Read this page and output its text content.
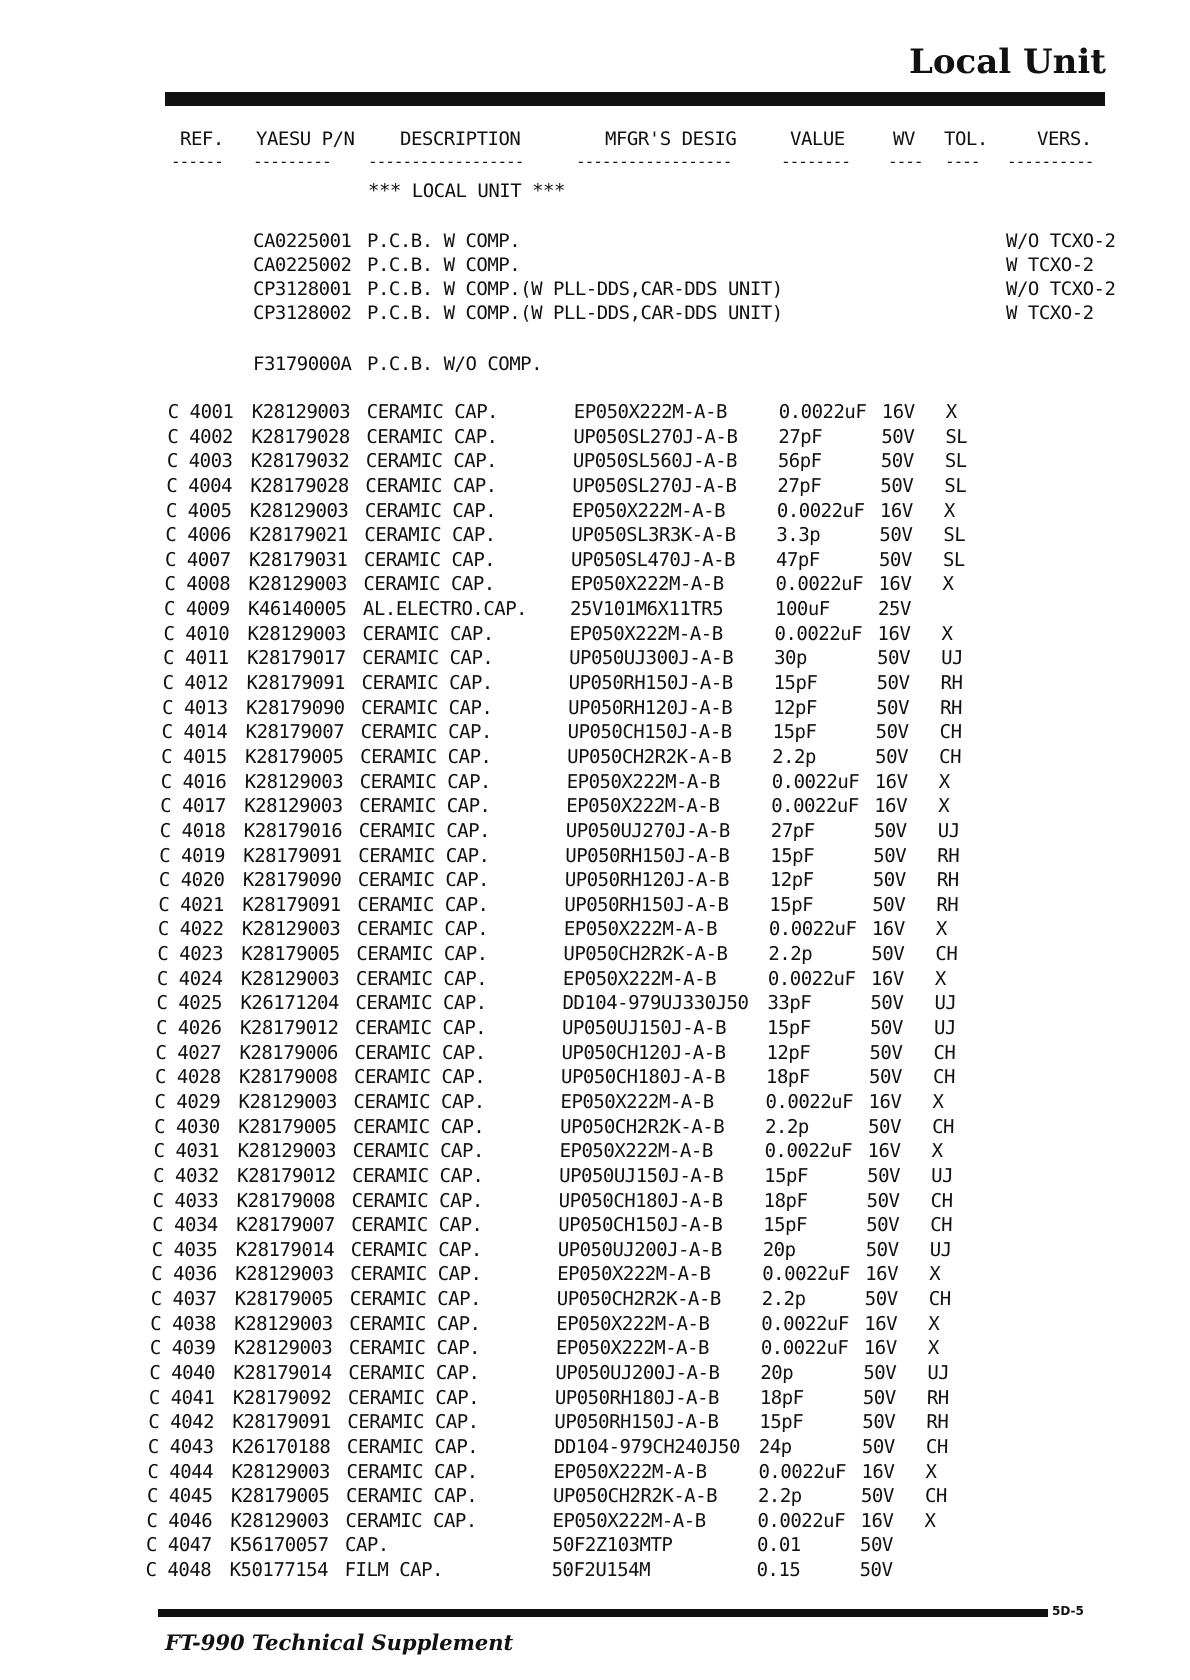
Local Unit
REF. YAESU P/N DESCRIPTION	MFGR'S DESIG	VALUE	WV TOL.	VERS.
------ --------- ------------------	------------------	-------- ---- ---- ----------
*** LOCAL UNIT ***
CA0225001 P.C.B. W COMP.	W/O TCXO-2
CA0225002 P.C.B. W COMP.	W TCXO-2
CP3128001 P.C.B. W COMP.(W PLL-DDS,CAR-DDS UNIT)	W/O TCXO-2
CP3128002 P.C.B. W COMP.(W PLL-DDS,CAR-DDS UNIT)	W TCXO-2
F3179000A P.C.B. W/O COMP.
C 4001 K28129003 CERAMIC CAP.	EP050X222M-A-B	0.0022uF 16V X
C 4002 K28179028 CERAMIC CAP.	UP050SL270J-A-B 27pF	50V SL
C 4003 K28179032 CERAMIC CAP.	UP050SL560J-A-B 56pF	50V SL
C 4004 K28179028 CERAMIC CAP.	UP050SL270J-A-B 27pF	50V SL
C 4005 K28129003 CERAMIC CAP.	EP050X222M-A-B	0.0022uF 16V X
C 4006 K28179021 CERAMIC CAP.	UP050SL3R3K-A-B 3.3p	50V SL
C 4007 K28179031 CERAMIC CAP.	UP050SL470J-A-B 47pF	50V SL
C 4008 K28129003 CERAMIC CAP.	EP050X222M-A-B	0.0022uF 16V X
C 4009 K46140005 AL.ELECTRO.CAP. 25V101M6X11TR5	100uF	25V
C 4010 K28129003 CERAMIC CAP.	EP050X222M-A-B	0.0022uF 16V X
C 4011 K28179017 CERAMIC CAP.	UP050UJ300J-A-B 30p	50V UJ
C 4012 K28179091 CERAMIC CAP.	UP050RH150J-A-B 15pF	50V RH
C 4013 K28179090 CERAMIC CAP.	UP050RH120J-A-B 12pF	50V RH
C 4014 K28179007 CERAMIC CAP.	UP050CH150J-A-B 15pF	50V CH
C 4015 K28179005 CERAMIC CAP.	UP050CH2R2K-A-B 2.2p	50V CH
C 4016 K28129003 CERAMIC CAP.	EP050X222M-A-B	0.0022uF 16V X
C 4017 K28129003 CERAMIC CAP.	EP050X222M-A-B	0.0022uF 16V X
C 4018 K28179016 CERAMIC CAP.	UP050UJ270J-A-B 27pF	50V UJ
C 4019 K28179091 CERAMIC CAP.	UP050RH150J-A-B 15pF	50V RH
C 4020 K28179090 CERAMIC CAP.	UP050RH120J-A-B 12pF	50V RH
C 4021 K28179091 CERAMIC CAP.	UP050RH150J-A-B 15pF	50V RH
C 4022 K28129003 CERAMIC CAP.	EP050X222M-A-B	0.0022uF 16V X
C 4023 K28179005 CERAMIC CAP.	UP050CH2R2K-A-B 2.2p	50V CH
C 4024 K28129003 CERAMIC CAP.	EP050X222M-A-B	0.0022uF 16V X
C 4025 K26171204 CERAMIC CAP.	DD104-979UJ330J50 33pF	50V UJ
C 4026 K28179012 CERAMIC CAP.	UP050UJ150J-A-B 15pF	50V UJ
C 4027 K28179006 CERAMIC CAP.	UP050CH120J-A-B 12pF	50V CH
C 4028 K28179008 CERAMIC CAP.	UP050CH180J-A-B 18pF	50V CH
C 4029 K28129003 CERAMIC CAP.	EP050X222M-A-B	0.0022uF 16V X
C 4030 K28179005 CERAMIC CAP.	UP050CH2R2K-A-B 2.2p	50V CH
C 4031 K28129003 CERAMIC CAP.	EP050X222M-A-B	0.0022uF 16V X
C 4032 K28179012 CERAMIC CAP.	UP050UJ150J-A-B 15pF	50V UJ
C 4033 K28179008 CERAMIC CAP.	UP050CH180J-A-B 18pF	50V CH
C 4034 K28179007 CERAMIC CAP.	UP050CH150J-A-B 15pF	50V CH
C 4035 K28179014 CERAMIC CAP.	UP050UJ200J-A-B 20p	50V UJ
C 4036 K28129003 CERAMIC CAP.	EP050X222M-A-B	0.0022uF 16V X
C 4037 K28179005 CERAMIC CAP.	UP050CH2R2K-A-B 2.2p	50V CH
C 4038 K28129003 CERAMIC CAP.	EP050X222M-A-B	0.0022uF 16V X
C 4039 K28129003 CERAMIC CAP.	EP050X222M-A-B	0.0022uF 16V X
C 4040 K28179014 CERAMIC CAP.	UP050UJ200J-A-B 20p	50V UJ
C 4041 K28179092 CERAMIC CAP.	UP050RH180J-A-B 18pF	50V RH
C 4042 K28179091 CERAMIC CAP.	UP050RH150J-A-B 15pF	50V RH
C 4043 K26170188 CERAMIC CAP.	DD104-979CH240J50 24p	50V CH
C 4044 K28129003 CERAMIC CAP.	EP050X222M-A-B	0.0022uF 16V X
C 4045 K28179005 CERAMIC CAP.	UP050CH2R2K-A-B 2.2p	50V CH
C 4046 K28129003 CERAMIC CAP.	EP050X222M-A-B	0.0022uF 16V X
C 4047 K56170057 CAP.	50F2Z103MTP	0.01	50V
C 4048 K50177154 FILM CAP.	50F2U154M	0.15	50V
5D-5
FT-990 Technical Supplement
